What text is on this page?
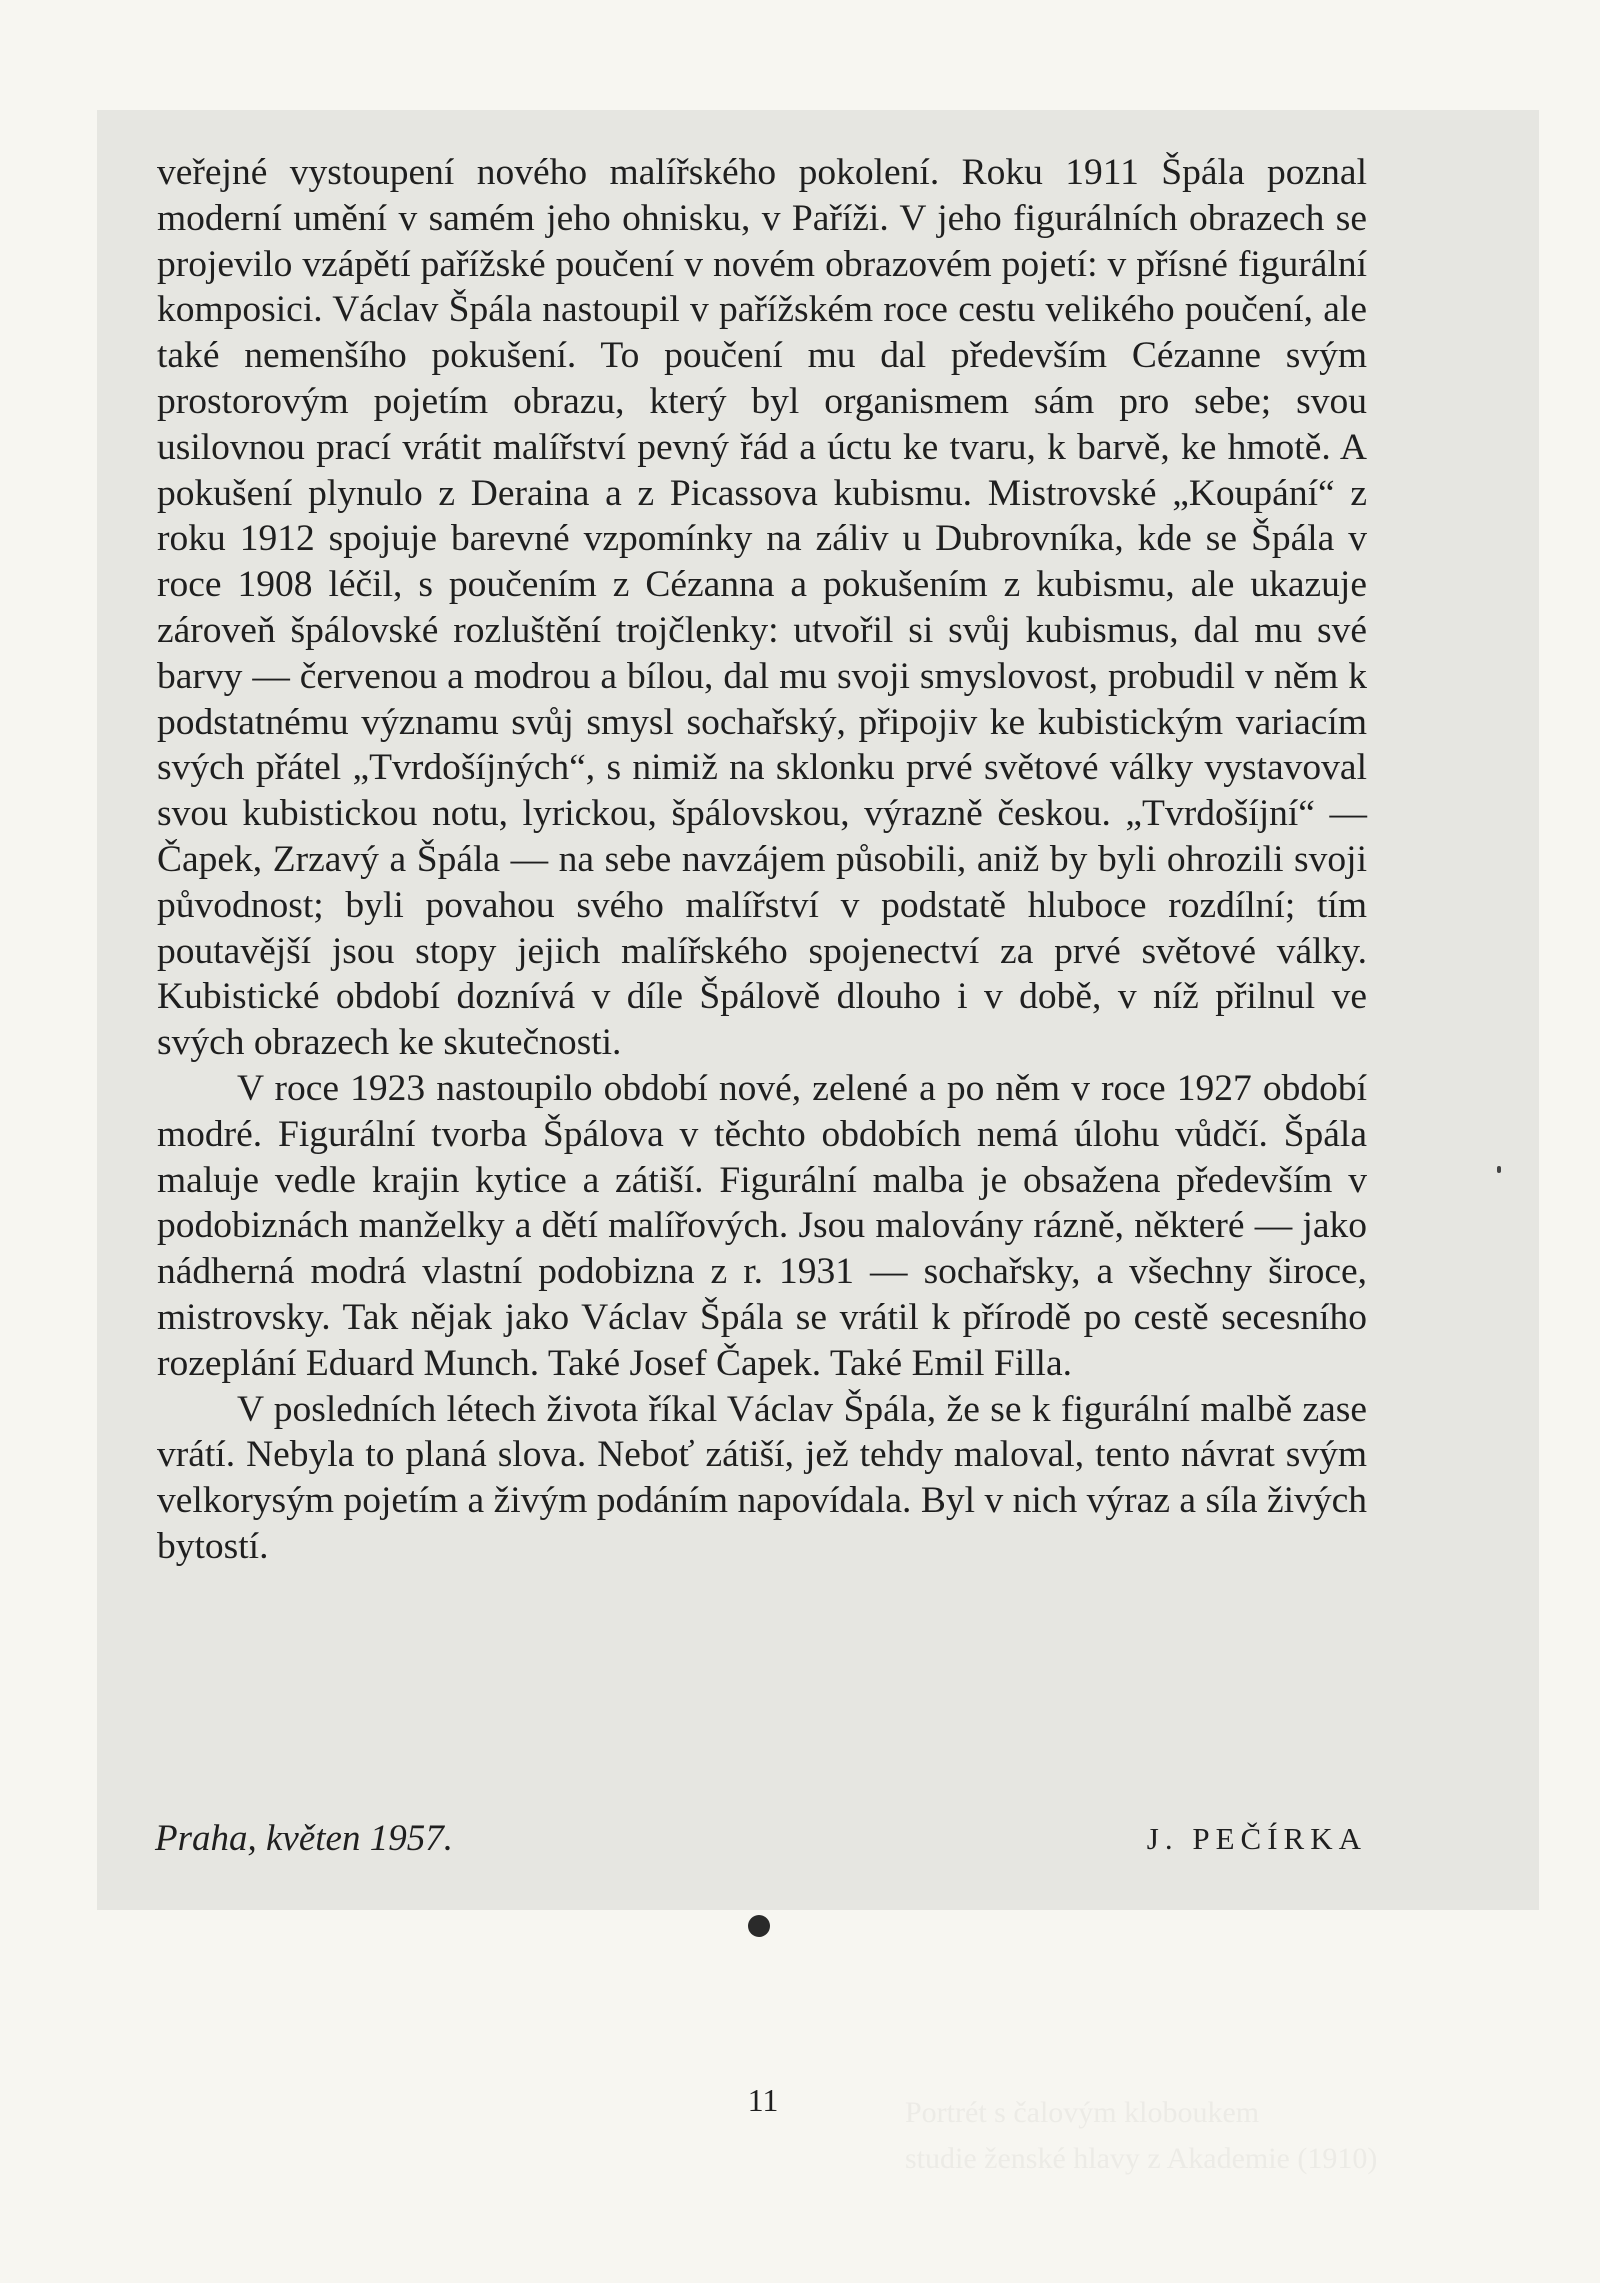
veřejné vystoupení nového malířského pokolení. Roku 1911 Špála poznal moderní umění v samém jeho ohnisku, v Paříži. V jeho figurálních obrazech se projevilo vzápětí pařížské poučení v novém obrazovém pojetí: v přísné figurální komposici. Václav Špála nastoupil v pařížském roce cestu velikého poučení, ale také nemenšího pokušení. To poučení mu dal především Cézanne svým prostorovým pojetím obrazu, který byl organismem sám pro sebe; svou usilovnou prací vrátit malířství pevný řád a úctu ke tvaru, k barvě, ke hmotě. A pokušení plynulo z Deraina a z Picassova kubismu. Mistrovské „Koupání“ z roku 1912 spojuje barevné vzpomínky na záliv u Dubrovníka, kde se Špála v roce 1908 léčil, s poučením z Cézanna a pokušením z kubismu, ale ukazuje zároveň špálovské rozluštění trojčlenky: utvořil si svůj kubismus, dal mu své barvy — červenou a modrou a bílou, dal mu svoji smyslovost, probudil v něm k podstatnému významu svůj smysl sochařský, připojiv ke kubistickým variacím svých přátel „Tvrdošíjných“, s nimiž na sklonku prvé světové války vystavoval svou kubistickou notu, lyrickou, špálovskou, výrazně českou. „Tvrdošíjní“ — Čapek, Zrzavý a Špála — na sebe navzájem působili, aniž by byli ohrozili svoji původnost; byli povahou svého malířství v podstatě hluboce rozdílní; tím poutavější jsou stopy jejich malířského spojenectví za prvé světové války. Kubistické období doznívá v díle Špálově dlouho i v době, v níž přilnul ve svých obrazech ke skutečnosti.

V roce 1923 nastoupilo období nové, zelené a po něm v roce 1927 období modré. Figurální tvorba Špálova v těchto obdobích nemá úlohu vůdčí. Špála maluje vedle krajin kytice a zátiší. Figurální malba je obsažena především v podobiznách manželky a dětí malířových. Jsou malovány rázně, některé — jako nádherná modrá vlastní podobizna z r. 1931 — sochařsky, a všechny široce, mistrovsky. Tak nějak jako Václav Špála se vrátil k přírodě po cestě secesního rozeplání Eduard Munch. Také Josef Čapek. Také Emil Filla.

V posledních létech života říkal Václav Špála, že se k figurální malbě zase vrátí. Nebyla to planá slova. Neboť zátiší, jež tehdy maloval, tento návrat svým velkorysým pojetím a živým podáním napovídala. Byl v nich výraz a síla živých bytostí.

Praha, květen 1957.	J. PEČÍRKA
11	Portrét s čalovým kloboukem
studie ženské hlavy z Akademie (1910)
